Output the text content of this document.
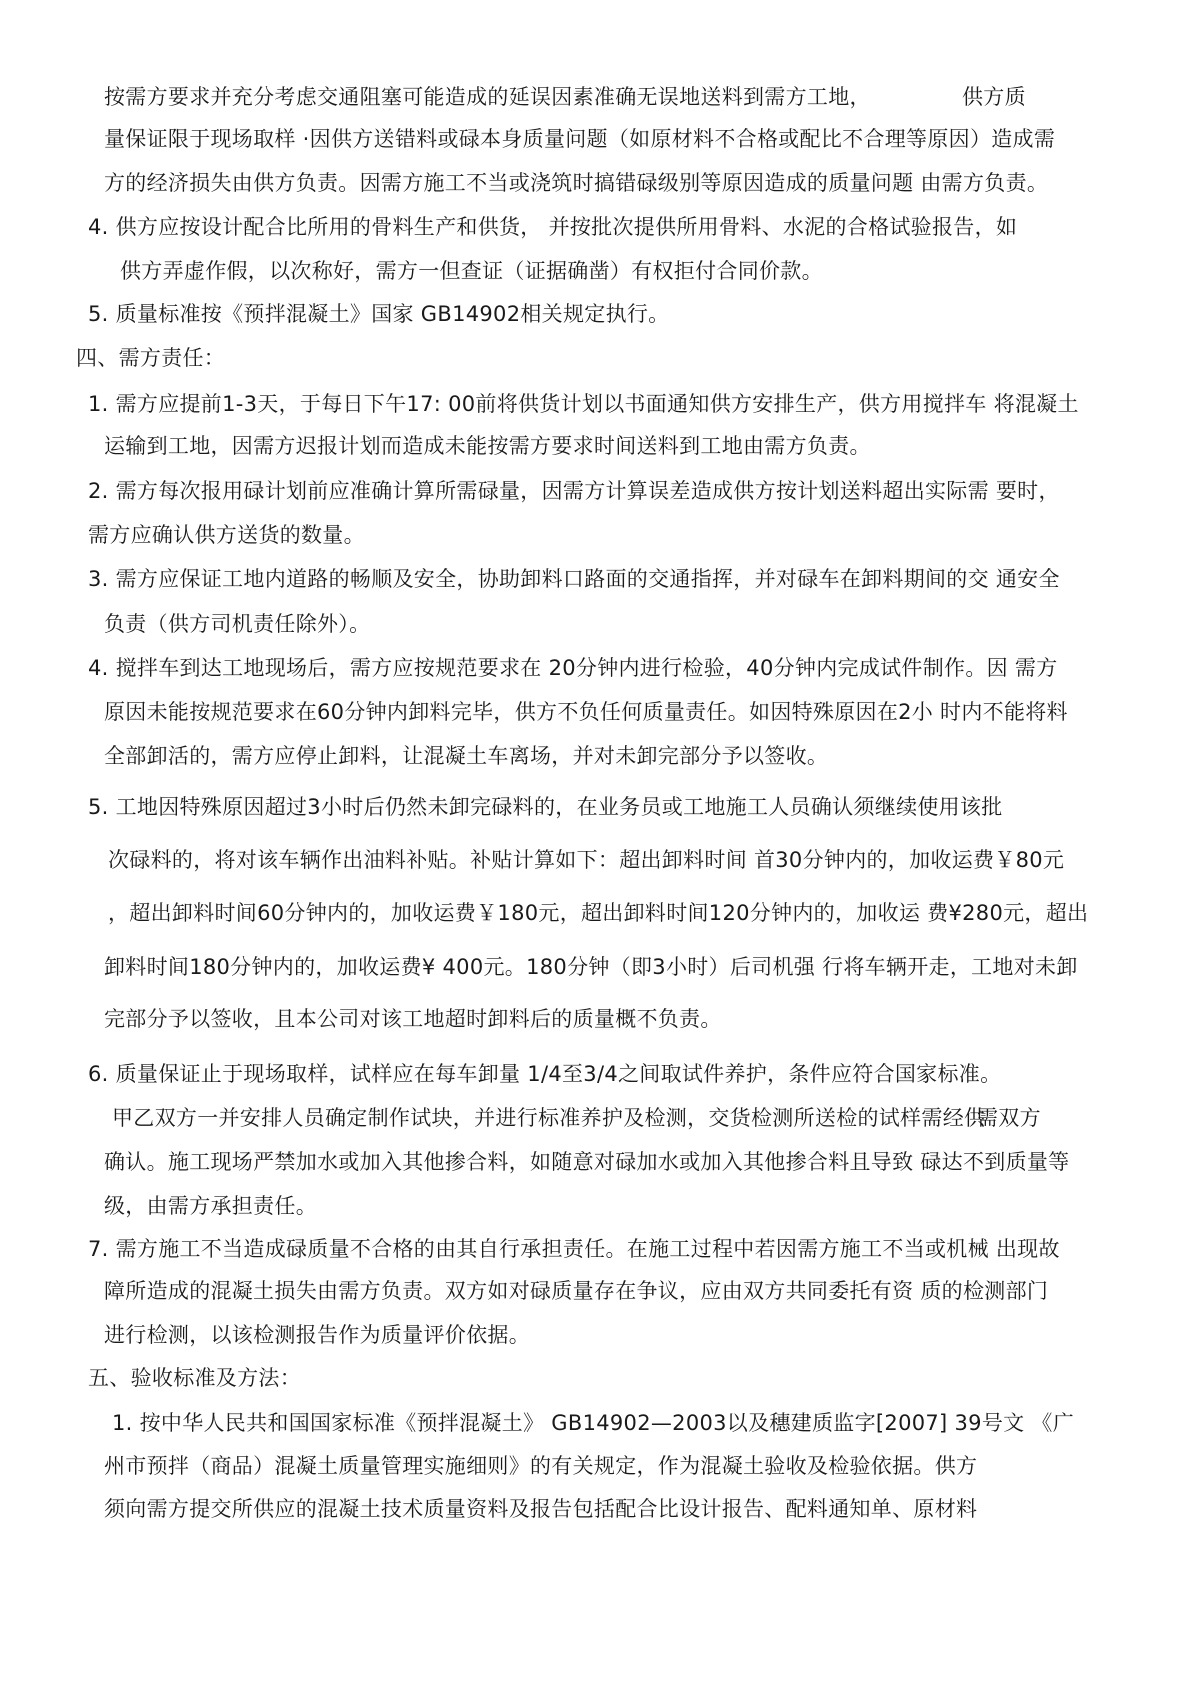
按需方要求并充分考虑交通阻塞可能造成的延误因素准确无误地送料到需方工地，	供方质
量保证限于现场取样 ·因供方送错料或碌本身质量问题（如原材料不合格或配比不合理等原因）造成需
方的经济损失由供方负责。因需方施工不当或浇筑时搞错碌级别等原因造成的质量问题 由需方负责。
4. 供方应按设计配合比所用的骨料生产和供货， 并按批次提供所用骨料、水泥的合格试验报告，如
供方弄虚作假，以次称好，需方一但查证（证据确凿）有权拒付合同价款。
5. 质量标准按《预拌混凝土》国家 GB14902相关规定执行。
四、需方责任：
1. 需方应提前1-3天，于每日下午17: 00前将供货计划以书面通知供方安排生产，供方用搅拌车 将混凝土
运输到工地，因需方迟报计划而造成未能按需方要求时间送料到工地由需方负责。
2. 需方每次报用碌计划前应准确计算所需碌量，因需方计算误差造成供方按计划送料超出实际需 要时，
需方应确认供方送货的数量。
3. 需方应保证工地内道路的畅顺及安全，协助卸料口路面的交通指挥，并对碌车在卸料期间的交 通安全
负责（供方司机责任除外）。
4. 搅拌车到达工地现场后，需方应按规范要求在 20分钟内进行检验，40分钟内完成试件制作。因 需方
原因未能按规范要求在60分钟内卸料完毕，供方不负任何质量责任。如因特殊原因在2小 时内不能将料
全部卸活的，需方应停止卸料，让混凝土车离场，并对未卸完部分予以签收。
5. 工地因特殊原因超过3小时后仍然未卸完碌料的，在业务员或工地施工人员确认须继续使用该批
次碌料的，将对该车辆作出油料补贴。补贴计算如下：超出卸料时间 首30分钟内的，加收运费￥80元
，超出卸料时间60分钟内的，加收运费￥180元，超出卸料时间120分钟内的，加收运 费¥280元，超出
卸料时间180分钟内的，加收运费¥ 400元。180分钟（即3小时）后司机强 行将车辆开走，工地对未卸
完部分予以签收，且本公司对该工地超时卸料后的质量概不负责。
6. 质量保证止于现场取样，试样应在每车卸量 1/4至3/4之间取试件养护，条件应符合国家标准。
甲乙双方一并安排人员确定制作试块，并进行标准养护及检测，交货检测所送检的试样需经供
需双方
确认。施工现场严禁加水或加入其他掺合料，如随意对碌加水或加入其他掺合料且导致 碌达不到质量等
级，由需方承担责任。
7. 需方施工不当造成碌质量不合格的由其自行承担责任。在施工过程中若因需方施工不当或机械 出现故
障所造成的混凝土损失由需方负责。双方如对碌质量存在争议，应由双方共同委托有资 质的检测部门
进行检测，以该检测报告作为质量评价依据。
五、验收标准及方法：
1. 按中华人民共和国国家标准《预拌混凝土》 GB14902—2003以及穗建质监字[2007] 39号文 《广
州市预拌（商品）混凝土质量管理实施细则》的有关规定，作为混凝土验收及检验依据。供方
须向需方提交所供应的混凝土技术质量资料及报告包括配合比设计报告、配料通知单、原材料
